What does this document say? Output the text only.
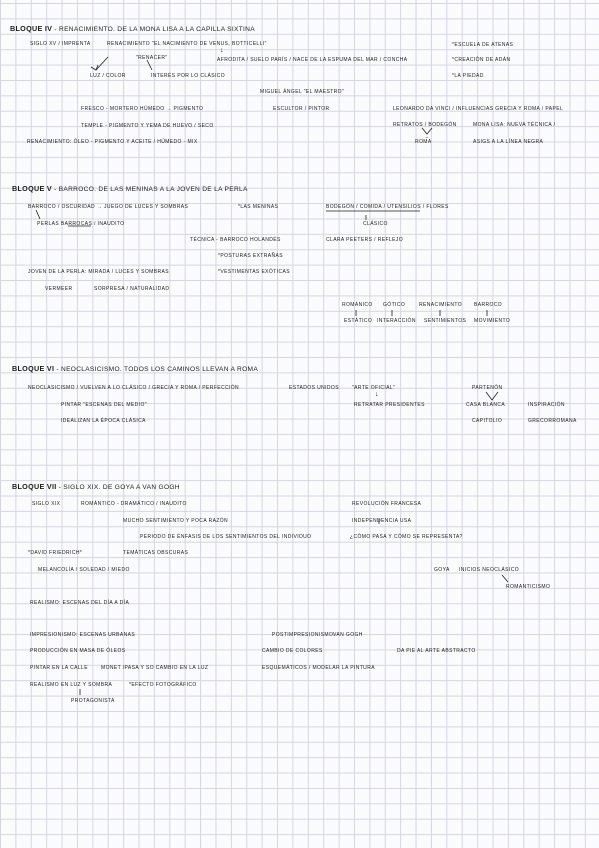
BLOQUE IV - RENACIMIENTO. DE LA MONA LISA A LA CAPILLA SIXTINA
SIGLO XV / IMPRENTA	RENACIMIENTO "EL NACIMIENTO DE VENUS, BOTTICELLI"
↓
"RENACER"	AFRODITA / SUELO PARÍS / NACE DE LA ESPUMA DEL MAR / CONCHA
*ESCUELA DE ATENAS
*CREACIÓN DE ADÁN
*LA PIEDAD
LUZ / COLOR	INTERÉS POR LO CLÁSICO
MIGUEL ÁNGEL "EL MAESTRO"
ESCULTOR / PINTOR
FRESCO - MORTERO HÚMEDO → PIGMENTO	LEONARDO DA VINCI / INFLUENCIAS GRECIA Y ROMA / PAPEL
TEMPLE - PIGMENTO Y YEMA DE HUEVO / SECO	RETRATOS / BODEGÓN	MONA LISA: NUEVA TÉCNICA /
RENACIMIENTO: ÓLEO - PIGMENTO Y ACEITE / HÚMEDO - MIX	ROMA	ASIGS A LA LÍNEA NEGRA
BLOQUE V - BARROCO. DE LAS MENINAS A LA JOVEN DE LA PERLA
BARROCO / OSCURIDAD → JUEGO DE LUCES Y SOMBRAS	*LAS MENINAS	BODEGÓN / COMIDA / UTENSILIOS / FLORES
PERLAS BARROCAS / INAUDITO	CLÁSICO
TÉCNICA - BARROCO HOLANDÉS	CLARA PEETERS / REFLEJO
*POSTURAS EXTRAÑAS
*VESTIMENTAS EXÓTICAS
JOVEN DE LA PERLA: MIRADA / LUCES Y SOMBRAS
VERMEER	SORPRESA / NATURALIDAD
ROMÁNICO GÓTICO	RENACIMIENTO BARROCO
ESTÁTICO INTERACCIÓN SENTIMIENTOS MOVIMIENTO
BLOQUE VI - NEOCLASICISMO. TODOS LOS CAMINOS LLEVAN A ROMA
NEOCLASICISMO / VUELVEN A LO CLÁSICO / GRECIA Y ROMA / PERFECCIÓN	ESTADOS UNIDOS	"ARTE OFICIAL"	PARTENÓN
↓
RETRATAR PRESIDENTES	CASA BLANCA	INSPIRACIÓN
PINTAR "ESCENAS DEL MEDIO"
CAPITOLIO	GRECORROMANA
IDEALIZAN LA ÉPOCA CLÁSICA
BLOQUE VII - SIGLO XIX. DE GOYA A VAN GOGH
SIGLO XIX	ROMÁNTICO - DRAMÁTICO / INAUDITO	REVOLUCIÓN FRANCESA
MUCHO SENTIMIENTO Y POCA RAZÓN	INDEPENDENCIA USA
PERIODO DE ÉNFASIS DE LOS SENTIMIENTOS DEL INDIVIDUO	¿CÓMO PASA Y CÓMO SE REPRESENTA?
*DAVID FRIEDRICH*	TEMÁTICAS OBSCURAS
MELANCOLÍA / SOLEDAD / MIEDO	GOYA INICIOS NEOCLÁSICO
ROMANTICISMO
REALISMO: ESCENAS DEL DÍA A DÍA
IMPRESIONISMO: ESCENAS URBANAS	POSTIMPRESIONISMO:
VAN GOGH
PRODUCCIÓN EN MASA DE ÓLEOS	CAMBIO DE COLORES	DA PIE AL ARTE ABSTRACTO
PINTAR EN LA CALLE	MONET /PASA Y SO CAMBIO EN LA LUZ	ESQUEMÁTICOS / MODELAR LA PINTURA
REALISMO EN LUZ Y SOMBRA	*EFECTO FOTOGRÁFICO
PROTAGONISTA
